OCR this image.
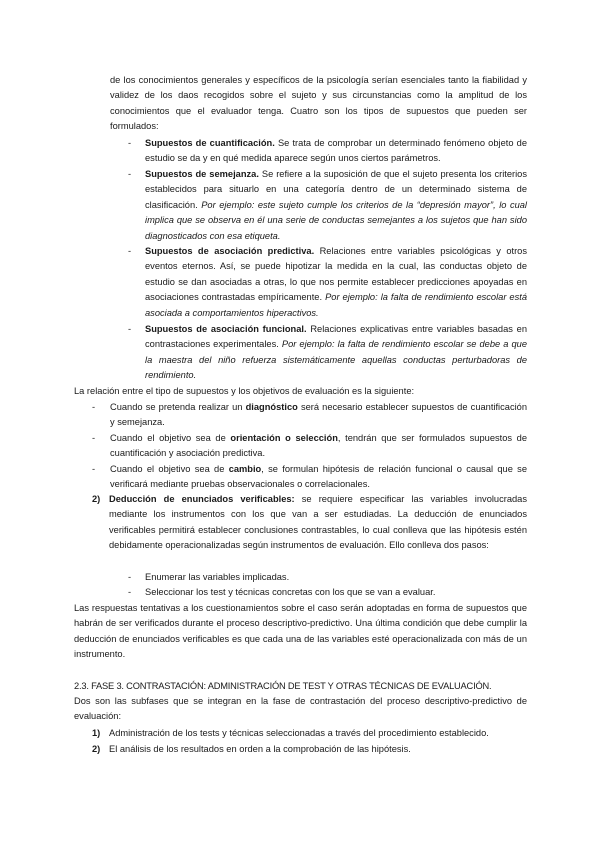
de los conocimientos generales y específicos de la psicología serían esenciales tanto la fiabilidad y validez de los daos recogidos sobre el sujeto y sus circunstancias como la amplitud de los conocimientos que el evaluador tenga. Cuatro son los tipos de supuestos que pueden ser formulados:

- Supuestos de cuantificación. Se trata de comprobar un determinado fenómeno objeto de estudio se da y en qué medida aparece según unos ciertos parámetros.

- Supuestos de semejanza. Se refiere a la suposición de que el sujeto presenta los criterios establecidos para situarlo en una categoría dentro de un determinado sistema de clasificación. Por ejemplo: este sujeto cumple los criterios de la “depresión mayor”, lo cual implica que se observa en él una serie de conductas semejantes a los sujetos que han sido diagnosticados con esa etiqueta.

- Supuestos de asociación predictiva. Relaciones entre variables psicológicas y otros eventos eternos. Así, se puede hipotizar la medida en la cual, las conductas objeto de estudio se dan asociadas a otras, lo que nos permite establecer predicciones apoyadas en asociaciones contrastadas empíricamente. Por ejemplo: la falta de rendimiento escolar está asociada a comportamientos hiperactivos.

- Supuestos de asociación funcional. Relaciones explicativas entre variables basadas en contrastaciones experimentales. Por ejemplo: la falta de rendimiento escolar se debe a que la maestra del niño refuerza sistemáticamente aquellas conductas perturbadoras de rendimiento.

La relación entre el tipo de supuestos y los objetivos de evaluación es la siguiente:

- Cuando se pretenda realizar un diagnóstico será necesario establecer supuestos de cuantificación y semejanza.

- Cuando el objetivo sea de orientación o selección, tendrán que ser formulados supuestos de cuantificación y asociación predictiva.

- Cuando el objetivo sea de cambio, se formulan hipótesis de relación funcional o causal que se verificará mediante pruebas observacionales o correlacionales.

2) Deducción de enunciados verificables: se requiere especificar las variables involucradas mediante los instrumentos con los que van a ser estudiadas. La deducción de enunciados verificables permitirá establecer conclusiones contrastables, lo cual conlleva que las hipótesis estén debidamente operacionalizadas según instrumentos de evaluación. Ello conlleva dos pasos:

- Enumerar las variables implicadas.

- Seleccionar los test y técnicas concretas con los que se van a evaluar.

Las respuestas tentativas a los cuestionamientos sobre el caso serán adoptadas en forma de supuestos que habrán de ser verificados durante el proceso descriptivo-predictivo. Una última condición que debe cumplir la deducción de enunciados verificables es que cada una de las variables esté operacionalizada con más de un instrumento.

2.3. FASE 3. CONTRASTACIÓN: ADMINISTRACIÓN DE TEST Y OTRAS TÉCNICAS DE EVALUACIÓN.

Dos son las subfases que se integran en la fase de contrastación del proceso descriptivo-predictivo de evaluación:

1) Administración de los tests y técnicas seleccionadas a través del procedimiento establecido.

2) El análisis de los resultados en orden a la comprobación de las hipótesis.
